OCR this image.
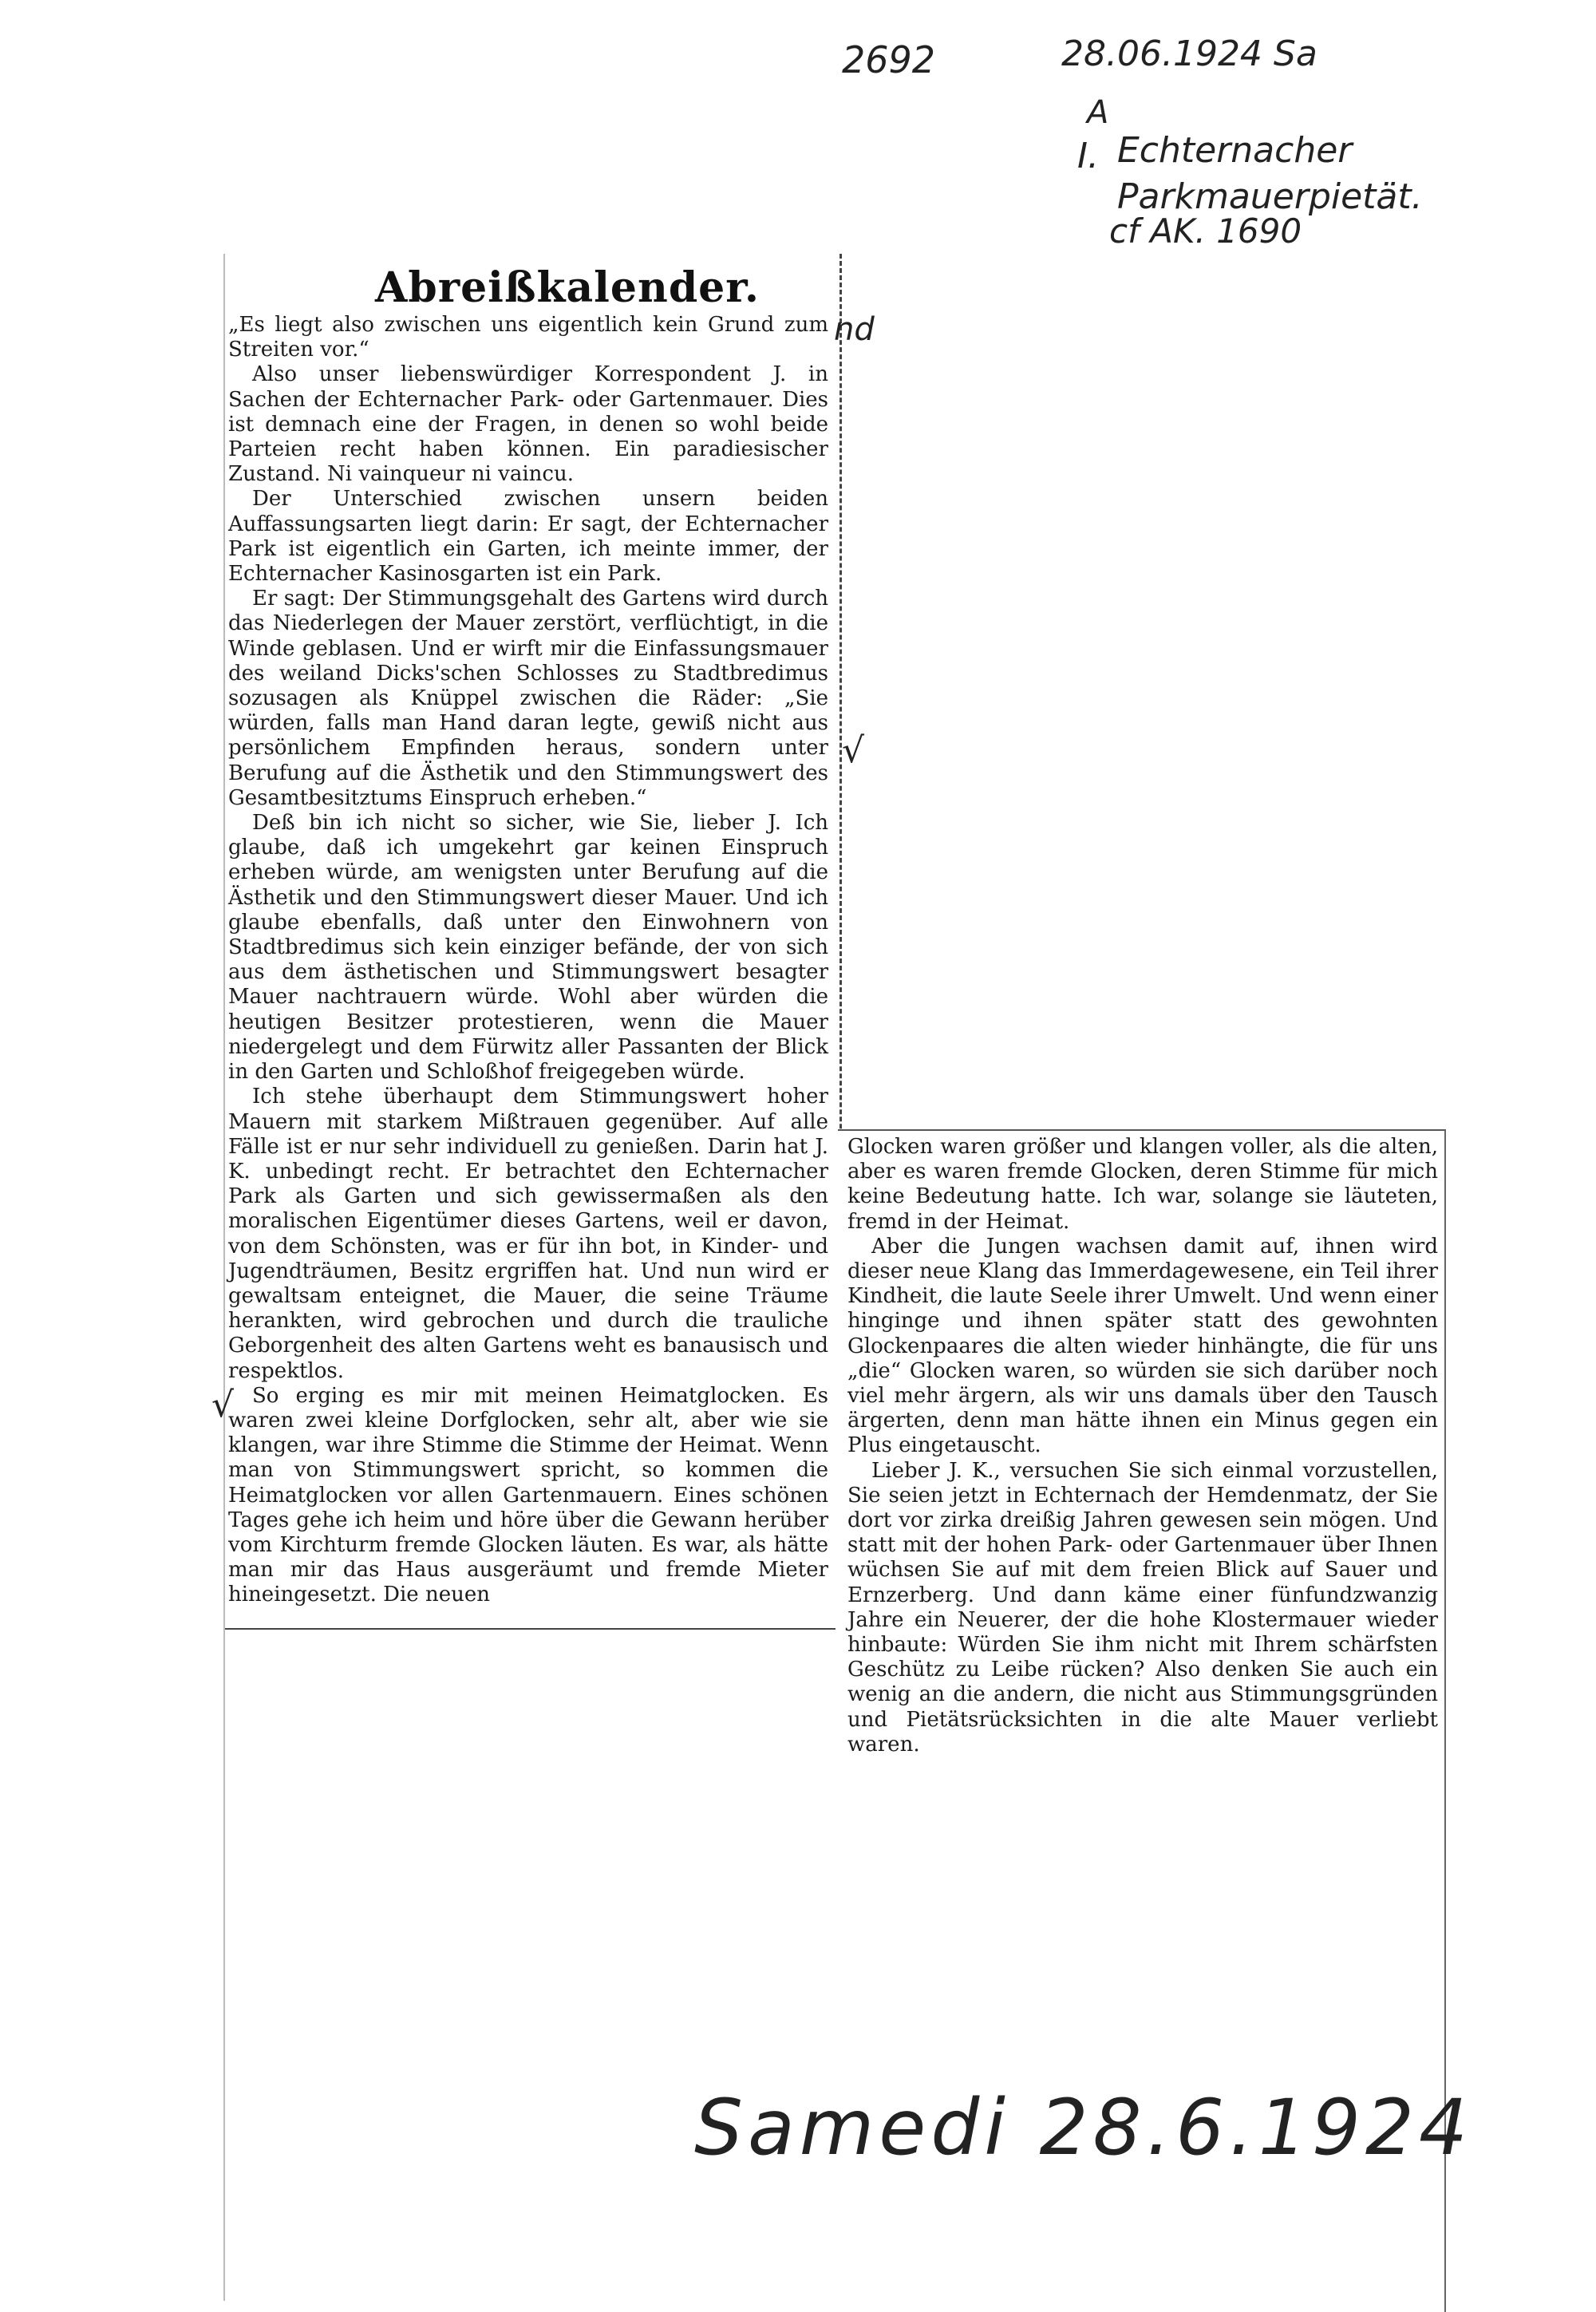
2692	28.06.1924 Sa
A
I. Echternacher Parkmauerpietät.
cf AK. 1690
Abreißkalender.
nd

„Es liegt also zwischen uns eigentlich kein Grund zum Streiten vor.“

Also unser liebenswürdiger Korrespondent J. in Sachen der Echternacher Park- oder Gartenmauer. Dies ist demnach eine der Fragen, in denen so wohl beide Parteien recht haben können. Ein paradiesischer Zustand. Ni vainqueur ni vaincu.

Der Unterschied zwischen unsern beiden Auffassungsarten liegt darin: Er sagt, der Echternacher Park ist eigentlich ein Garten, ich meinte immer, der Echternacher Kasinosgarten ist ein Park.

Er sagt: Der Stimmungsgehalt des Gartens wird durch das Niederlegen der Mauer zerstört, verflüchtigt, in die Winde geblasen. Und er wirft mir die Einfassungsmauer des weiland Dicks'schen Schlosses zu Stadtbredimus sozusagen als Knüppel zwischen die Räder: „Sie würden, falls man Hand daran legte, gewiß nicht aus persönlichem Empfinden heraus, sondern unter Berufung auf die Ästhetik und den Stimmungswert des Gesamtbesitztums Einspruch erheben.“

Deß bin ich nicht so sicher, wie Sie, lieber J. Ich glaube, daß ich umgekehrt gar keinen Einspruch erheben würde, am wenigsten unter Berufung auf die Ästhetik und den Stimmungswert dieser Mauer. Und ich glaube ebenfalls, daß unter den Einwohnern von Stadtbredimus sich kein einziger befände, der von sich aus dem ästhetischen und Stimmungswert besagter Mauer nachtrauern würde. Wohl aber würden die heutigen Besitzer protestieren, wenn die Mauer niedergelegt und dem Fürwitz aller Passanten der Blick in den Garten und Schloßhof freigegeben würde.

Ich stehe überhaupt dem Stimmungswert hoher Mauern mit starkem Mißtrauen gegenüber. Auf alle Fälle ist er nur sehr individuell zu genießen. Darin hat J. K. unbedingt recht. Er betrachtet den Echternacher Park als Garten und sich gewissermaßen als den moralischen Eigentümer dieses Gartens, weil er davon, von dem Schönsten, was er für ihn bot, in Kinder- und Jugendträumen, Besitz ergriffen hat. Und nun wird er gewaltsam enteignet, die Mauer, die seine Träume herankten, wird gebrochen und durch die trauliche Geborgenheit des alten Gartens weht es banausisch und respektlos.

So erging es mir mit meinen Heimatglocken. Es waren zwei kleine Dorfglocken, sehr alt, aber wie sie klangen, war ihre Stimme die Stimme der Heimat. Wenn man von Stimmungswert spricht, so kommen die Heimatglocken vor allen Gartenmauern. Eines schönen Tages gehe ich heim und höre über die Gewann herüber vom Kirchturm fremde Glocken läuten. Es war, als hätte man mir das Haus ausgeräumt und fremde Mieter hineingesetzt. Die neuen

Glocken waren größer und klangen voller, als die alten, aber es waren fremde Glocken, deren Stimme für mich keine Bedeutung hatte. Ich war, solange sie läuteten, fremd in der Heimat.

Aber die Jungen wachsen damit auf, ihnen wird dieser neue Klang das Immerdagewesene, ein Teil ihrer Kindheit, die laute Seele ihrer Umwelt. Und wenn einer hinginge und ihnen später statt des gewohnten Glockenpaares die alten wieder hinhängte, die für uns „die“ Glocken waren, so würden sie sich darüber noch viel mehr ärgern, als wir uns damals über den Tausch ärgerten, denn man hätte ihnen ein Minus gegen ein Plus eingetauscht.

Lieber J. K., versuchen Sie sich einmal vorzustellen, Sie seien jetzt in Echternach der Hemdenmatz, der Sie dort vor zirka dreißig Jahren gewesen sein mögen. Und statt mit der hohen Park- oder Gartenmauer über Ihnen wüchsen Sie auf mit dem freien Blick auf Sauer und Ernzerberg. Und dann käme einer fünfundzwanzig Jahre ein Neuerer, der die hohe Klostermauer wieder hinbaute: Würden Sie ihm nicht mit Ihrem schärfsten Geschütz zu Leibe rücken? Also denken Sie auch ein wenig an die andern, die nicht aus Stimmungsgründen und Pietätsrücksichten in die alte Mauer verliebt waren.

√
√
Samedi 28.6.1924
